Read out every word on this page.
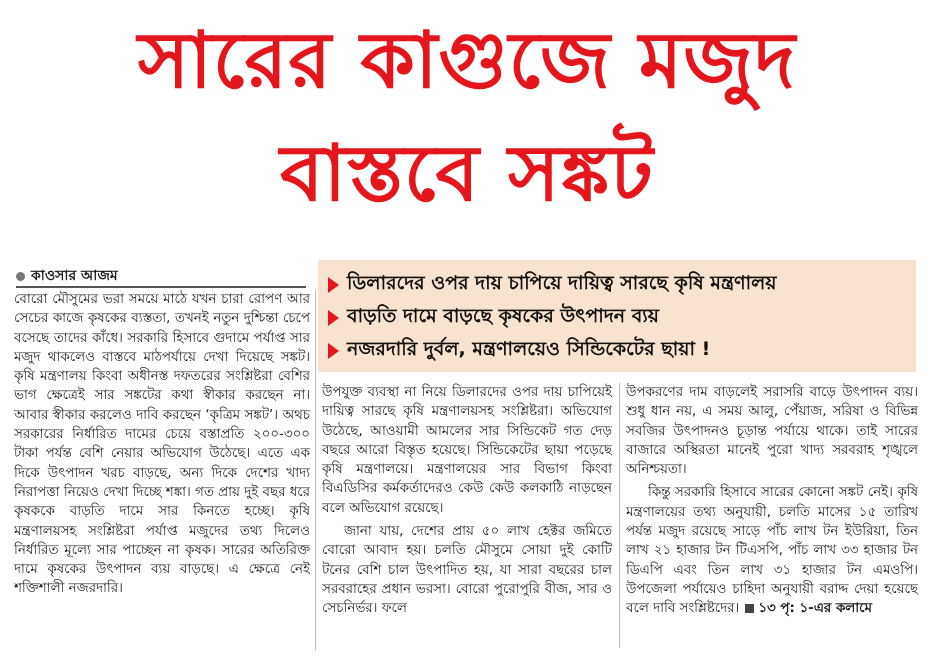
সারের কাগুজে মজুদ
বাস্তবে সঙ্কট
কাওসার আজম	ডিলারদের ওপর দায় চাপিয়ে দায়িত্ব সারছে কৃষি মন্ত্রণালয়
বাড়তি দামে বাড়ছে কৃষকের উৎপাদন ব্যয়
নজরদারি দুর্বল, মন্ত্রণালয়েও সিন্ডিকেটের ছায়া !

বোরো মৌসুমের ভরা সময়ে মাঠে যখন চারা রোপণ আর সেচের কাজে কৃষকের ব্যস্ততা, তখনই নতুন দুশ্চিন্তা চেপে বসেছে তাদের কাঁধে। সরকারি হিসাবে গুদামে পর্যাপ্ত সার মজুদ থাকলেও বাস্তবে মাঠপর্যায়ে দেখা দিয়েছে সঙ্কট। কৃষি মন্ত্রণালয় কিংবা অধীনস্ত দফতরের সংশ্লিষ্টরা বেশির ভাগ ক্ষেত্রেই সার সঙ্কটের কথা স্বীকার করছেন না। আবার স্বীকার করলেও দাবি করছেন ‘কৃত্রিম সঙ্কট’। অথচ সরকারের নির্ধারিত দামের চেয়ে বস্তাপ্রতি ২০০-৩০০ টাকা পর্যন্ত বেশি নেয়ার অভিযোগ উঠেছে। এতে এক দিকে উৎপাদন খরচ বাড়ছে, অন্য দিকে দেশের খাদ্য নিরাপত্তা নিয়েও দেখা দিচ্ছে শঙ্কা। গত প্রায় দুই বছর ধরে কৃষককে বাড়তি দামে সার কিনতে হচ্ছে। কৃষি মন্ত্রণালয়সহ সংশ্লিষ্টরা পর্যাপ্ত মজুদের তথ্য দিলেও নির্ধারিত মূল্যে সার পাচ্ছেন না কৃষক। সারের অতিরিক্ত দামে কৃষকের উৎপাদন ব্যয় বাড়ছে। এ ক্ষেত্রে নেই শক্তিশালী নজরদারি।

উপযুক্ত ব্যবস্থা না নিয়ে ডিলারদের ওপর দায় চাপিয়েই দায়িত্ব সারছে কৃষি মন্ত্রণালয়সহ সংশ্লিষ্টরা। অভিযোগ উঠেছে, আওয়ামী আমলের সার সিন্ডিকেট গত দেড় বছরে আরো বিস্তৃত হয়েছে। সিন্ডিকেটের ছায়া পড়েছে কৃষি মন্ত্রণালয়ে। মন্ত্রণালয়ের সার বিভাগ কিংবা বিএডিসির কর্মকর্তাদেরও কেউ কেউ কলকাঠি নাড়ছেন বলে অভিযোগ রয়েছে।

জানা যায়, দেশের প্রায় ৫০ লাখ হেক্টর জমিতে বোরো আবাদ হয়। চলতি মৌসুমে সোয়া দুই কোটি টনের বেশি চাল উৎপাদিত হয়, যা সারা বছরের চাল সরবরাহের প্রধান ভরসা। বোরো পুরোপুরি বীজ, সার ও সেচনির্ভর। ফলে

উপকরণের দাম বাড়লেই সরাসরি বাড়ে উৎপাদন ব্যয়। শুধু ধান নয়, এ সময় আলু, পেঁয়াজ, সরিষা ও বিভিন্ন সবজির উৎপাদনও চূড়ান্ত পর্যায়ে থাকে। তাই সারের বাজারে অস্থিরতা মানেই পুরো খাদ্য সরবরাহ শৃঙ্খলে অনিশ্চয়তা।

কিন্তু সরকারি হিসাবে সারের কোনো সঙ্কট নেই। কৃষি মন্ত্রণালয়ের তথ্য অনুযায়ী, চলতি মাসের ১৫ তারিখ পর্যন্ত মজুদ রয়েছে সাড়ে পাঁচ লাখ টন ইউরিয়া, তিন লাখ ২১ হাজার টন টিএসপি, পাঁচ লাখ ৩৩ হাজার টন ডিএপি এবং তিন লাখ ৩১ হাজার টন এমওপি। উপজেলা পর্যায়েও চাহিদা অনুযায়ী বরাদ্দ দেয়া হয়েছে বলে দাবি সংশ্লিষ্টদের। ১৩ পৃ: ১-এর কলামে
